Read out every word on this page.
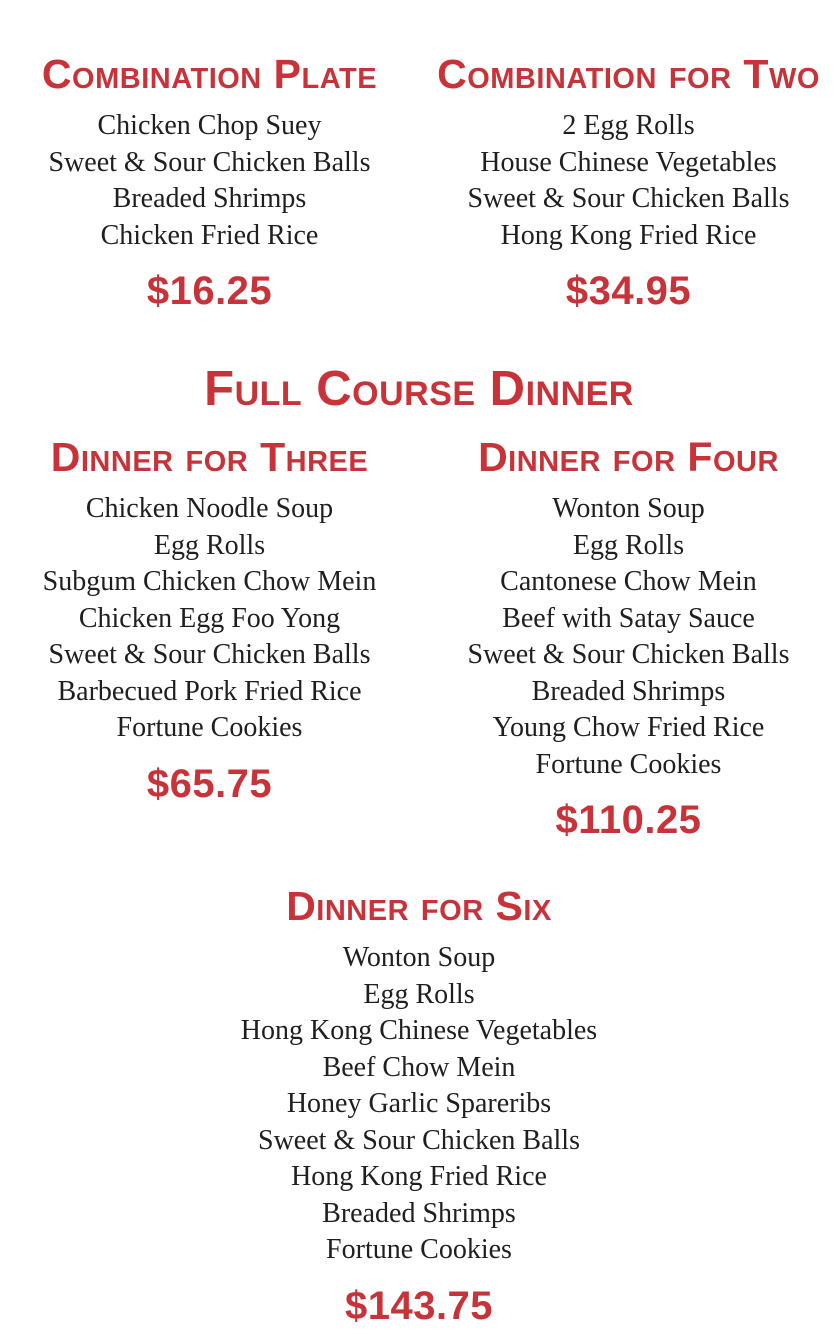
Combination Plate

Chicken Chop Suey

Sweet & Sour Chicken Balls

Breaded Shrimps

Chicken Fried Rice

$16.25

Combination for Two

2 Egg Rolls

House Chinese Vegetables

Sweet & Sour Chicken Balls

Hong Kong Fried Rice

$34.95

Full Course Dinner
Dinner for Three

Chicken Noodle Soup

Egg Rolls

Subgum Chicken Chow Mein

Chicken Egg Foo Yong

Sweet & Sour Chicken Balls

Barbecued Pork Fried Rice

Fortune Cookies

$65.75

Dinner for Four

Wonton Soup

Egg Rolls

Cantonese Chow Mein

Beef with Satay Sauce

Sweet & Sour Chicken Balls

Breaded Shrimps

Young Chow Fried Rice

Fortune Cookies

$110.25

Dinner for Six

Wonton Soup

Egg Rolls

Hong Kong Chinese Vegetables

Beef Chow Mein

Honey Garlic Spareribs

Sweet & Sour Chicken Balls

Hong Kong Fried Rice

Breaded Shrimps

Fortune Cookies

$143.75
